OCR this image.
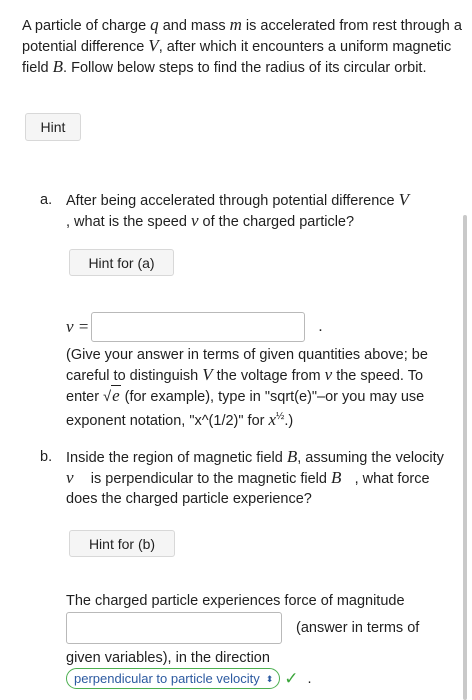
A particle of charge q and mass m is accelerated from rest through a potential difference V, after which it encounters a uniform magnetic field B. Follow below steps to find the radius of its circular orbit.
Hint
a. After being accelerated through potential difference V
, what is the speed v of the charged particle?
Hint for (a)
v =	.
(Give your answer in terms of given quantities above; be careful to distinguish V the voltage from v the speed. To enter √e (for example), type in "sqrt(e)"–or you may use exponent notation, "x^(1/2)" for $x^{\frac{1}{2}}$.)
b. Inside the region of magnetic field B, assuming the velocity v⃗ is perpendicular to the magnetic field B⃗, what force does the charged particle experience?
Hint for (b)
The charged particle experiences force of magnitude
(answer in terms of
given variables), in the direction
perpendicular to particle velocity ⬍ ✓ .
